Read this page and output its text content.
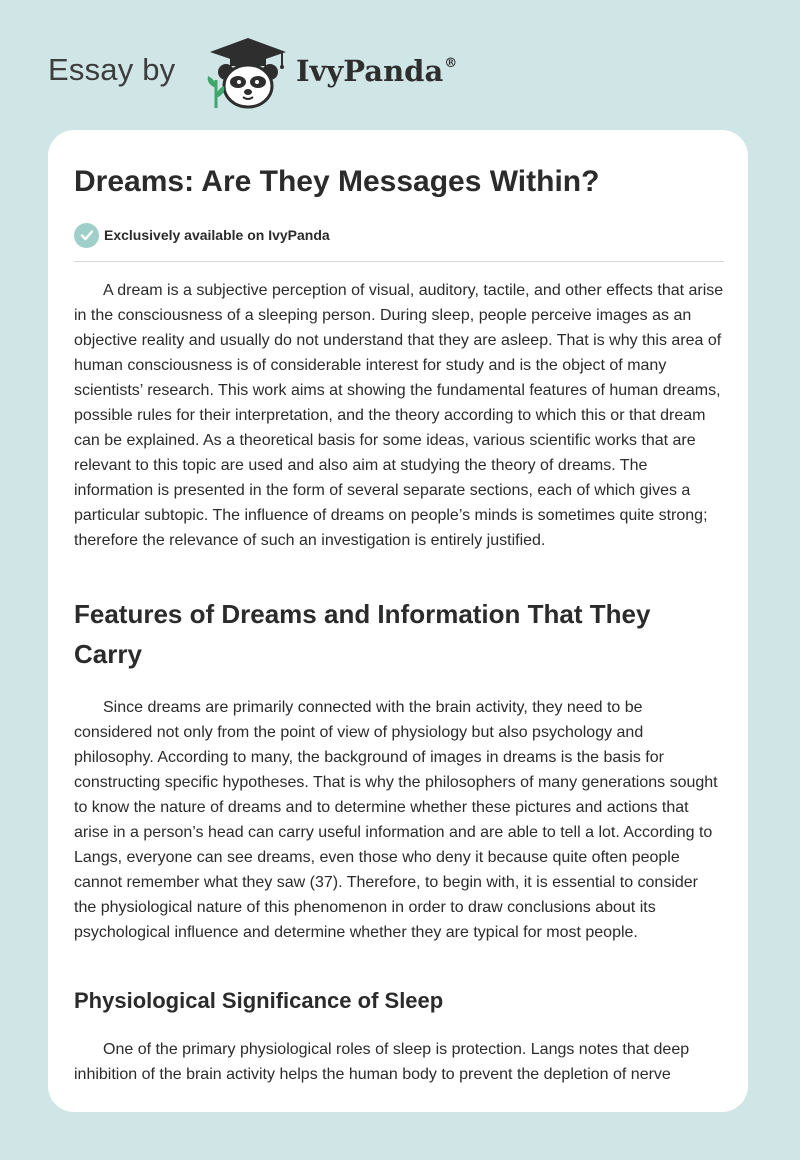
Essay by	IvyPanda®
Dreams: Are They Messages Within?
Exclusively available on IvyPanda

A dream is a subjective perception of visual, auditory, tactile, and other effects that arise in the consciousness of a sleeping person. During sleep, people perceive images as an objective reality and usually do not understand that they are asleep. That is why this area of human consciousness is of considerable interest for study and is the object of many scientists’ research. This work aims at showing the fundamental features of human dreams, possible rules for their interpretation, and the theory according to which this or that dream can be explained. As a theoretical basis for some ideas, various scientific works that are relevant to this topic are used and also aim at studying the theory of dreams. The information is presented in the form of several separate sections, each of which gives a particular subtopic. The influence of dreams on people’s minds is sometimes quite strong; therefore the relevance of such an investigation is entirely justified.

Features of Dreams and Information That They Carry

Since dreams are primarily connected with the brain activity, they need to be considered not only from the point of view of physiology but also psychology and philosophy. According to many, the background of images in dreams is the basis for constructing specific hypotheses. That is why the philosophers of many generations sought to know the nature of dreams and to determine whether these pictures and actions that arise in a person’s head can carry useful information and are able to tell a lot. According to Langs, everyone can see dreams, even those who deny it because quite often people cannot remember what they saw (37). Therefore, to begin with, it is essential to consider the physiological nature of this phenomenon in order to draw conclusions about its psychological influence and determine whether they are typical for most people.

Physiological Significance of Sleep

One of the primary physiological roles of sleep is protection. Langs notes that deep inhibition of the brain activity helps the human body to prevent the depletion of nerve
